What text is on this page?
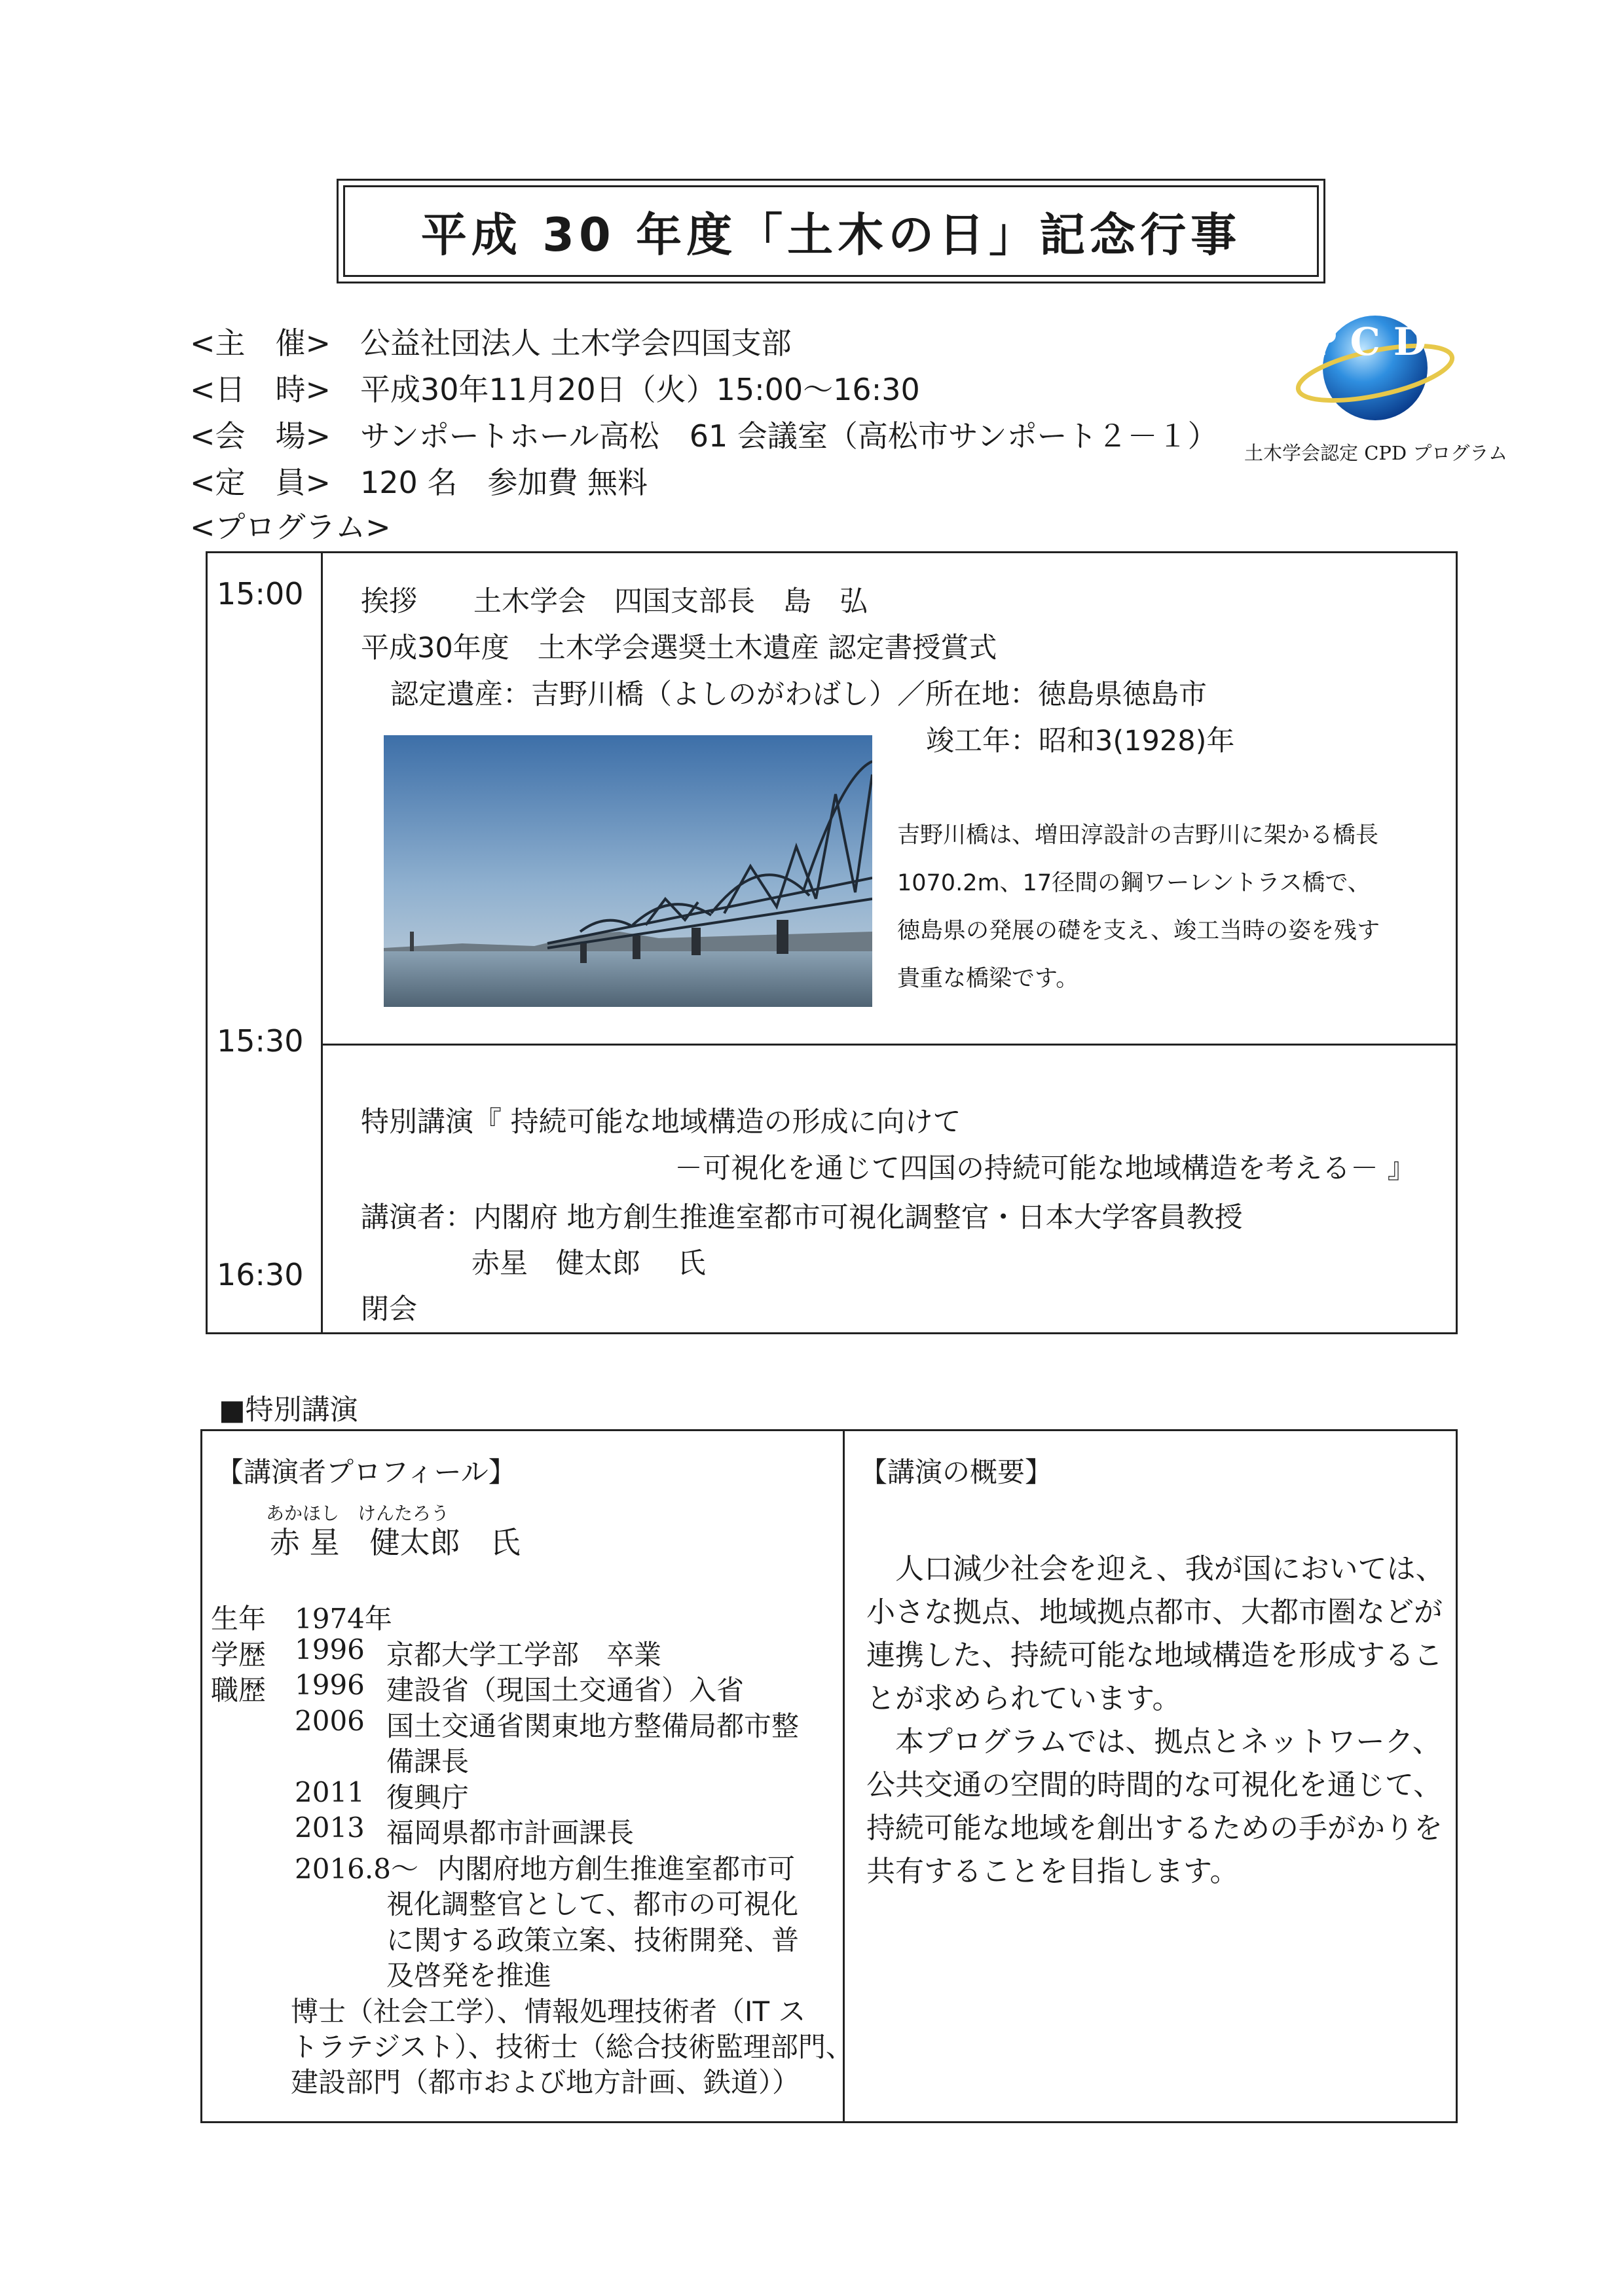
平成 30 年度「土木の日」記念行事
<主　催> 公益社団法人 土木学会四国支部
<日　時> 平成30年11月20日（火）15:00～16:30
<会　場> サンポートホール高松　61 会議室（高松市サンポート２－１）
<定　員> 120 名　参加費 無料
<プログラム>
P C D
土木学会認定 CPD プログラム
15:00
15:30
16:30
挨拶　　土木学会　四国支部長　島　弘
平成30年度　土木学会選奨土木遺産 認定書授賞式
認定遺産：吉野川橋（よしのがわばし）／所在地：徳島県徳島市
竣工年：昭和3(1928)年
吉野川橋は、増田淳設計の吉野川に架かる橋長
1070.2m、17径間の鋼ワーレントラス橋で、
徳島県の発展の礎を支え、竣工当時の姿を残す
貴重な橋梁です。
特別講演『 持続可能な地域構造の形成に向けて
－可視化を通じて四国の持続可能な地域構造を考える－ 』
講演者：内閣府 地方創生推進室都市可視化調整官・日本大学客員教授
赤星　健太郎　 氏
閉会
■特別講演
【講演者プロフィール】
あかほし　けんたろう
赤 星　健太郎　氏
生年 1974年
学歴 1996 京都大学工学部　卒業
職歴 1996 建設省（現国土交通省）入省
2006 国土交通省関東地方整備局都市整
備課長
2011 復興庁
2013 福岡県都市計画課長
2016.8～ 内閣府地方創生推進室都市可
視化調整官として、都市の可視化
に関する政策立案、技術開発、普
及啓発を推進
博士（社会工学）、情報処理技術者（IT ス
トラテジスト）、技術士（総合技術監理部門、
建設部門（都市および地方計画、鉄道））
【講演の概要】
　人口減少社会を迎え、我が国においては、
小さな拠点、地域拠点都市、大都市圏などが
連携した、持続可能な地域構造を形成するこ
とが求められています。
　本プログラムでは、拠点とネットワーク、
公共交通の空間的時間的な可視化を通じて、
持続可能な地域を創出するための手がかりを
共有することを目指します。
